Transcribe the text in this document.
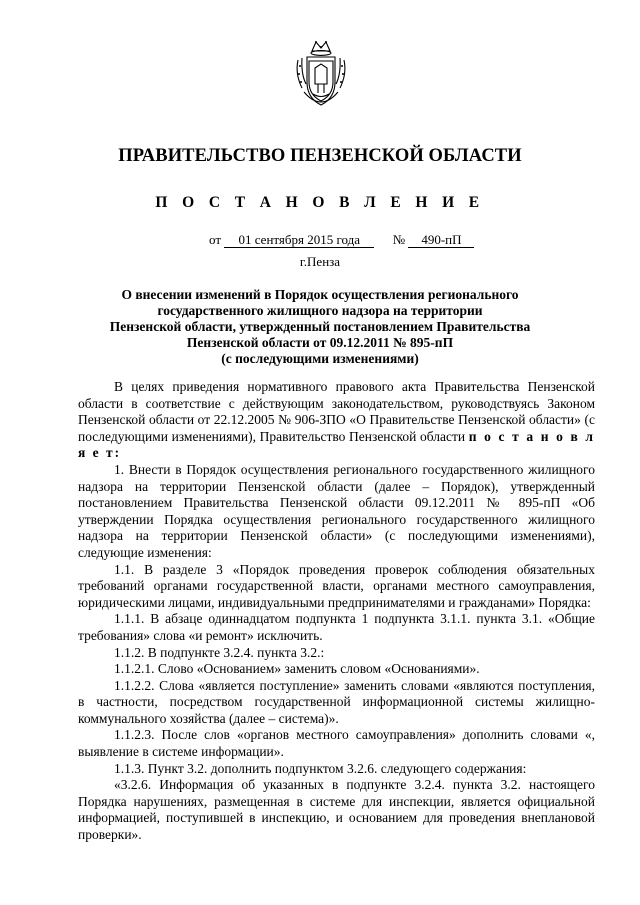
ПРАВИТЕЛЬСТВО ПЕНЗЕНСКОЙ ОБЛАСТИ
П О С Т А Н О В Л Е Н И Е
от 01 сентября 2015 года	№ 490-пП
г.Пенза
О внесении изменений в Порядок осуществления регионального
государственного жилищного надзора на территории
Пензенской области, утвержденный постановлением Правительства
Пензенской области от 09.12.2011 № 895-пП
(с последующими изменениями)

В целях приведения нормативного правового акта Правительства Пензенской области в соответствие с действующим законодательством, руководствуясь Законом Пензенской области от 22.12.2005 № 906-ЗПО «О Правительстве Пензенской области» (с последующими изменениями), Правительство Пензенской области п о с т а н о в л я е т:

1. Внести в Порядок осуществления регионального государственного жилищного надзора на территории Пензенской области (далее – Порядок), утвержденный постановлением Правительства Пензенской области 09.12.2011 № 895-пП «Об утверждении Порядка осуществления регионального государственного жилищного надзора на территории Пензенской области» (с последующими изменениями), следующие изменения:

1.1. В разделе 3 «Порядок проведения проверок соблюдения обязательных требований органами государственной власти, органами местного самоуправления, юридическими лицами, индивидуальными предпринимателями и гражданами» Порядка:

1.1.1. В абзаце одиннадцатом подпункта 1 подпункта 3.1.1. пункта 3.1. «Общие требования» слова «и ремонт» исключить.

1.1.2. В подпункте 3.2.4. пункта 3.2.:

1.1.2.1. Слово «Основанием» заменить словом «Основаниями».

1.1.2.2. Слова «является поступление» заменить словами «являются поступления, в частности, посредством государственной информационной системы жилищно-коммунального хозяйства (далее – система)».

1.1.2.3. После слов «органов местного самоуправления» дополнить словами «, выявление в системе информации».

1.1.3. Пункт 3.2. дополнить подпунктом 3.2.6. следующего содержания:

«3.2.6. Информация об указанных в подпункте 3.2.4. пункта 3.2. настоящего Порядка нарушениях, размещенная в системе для инспекции, является официальной информацией, поступившей в инспекцию, и основанием для проведения внеплановой проверки».
